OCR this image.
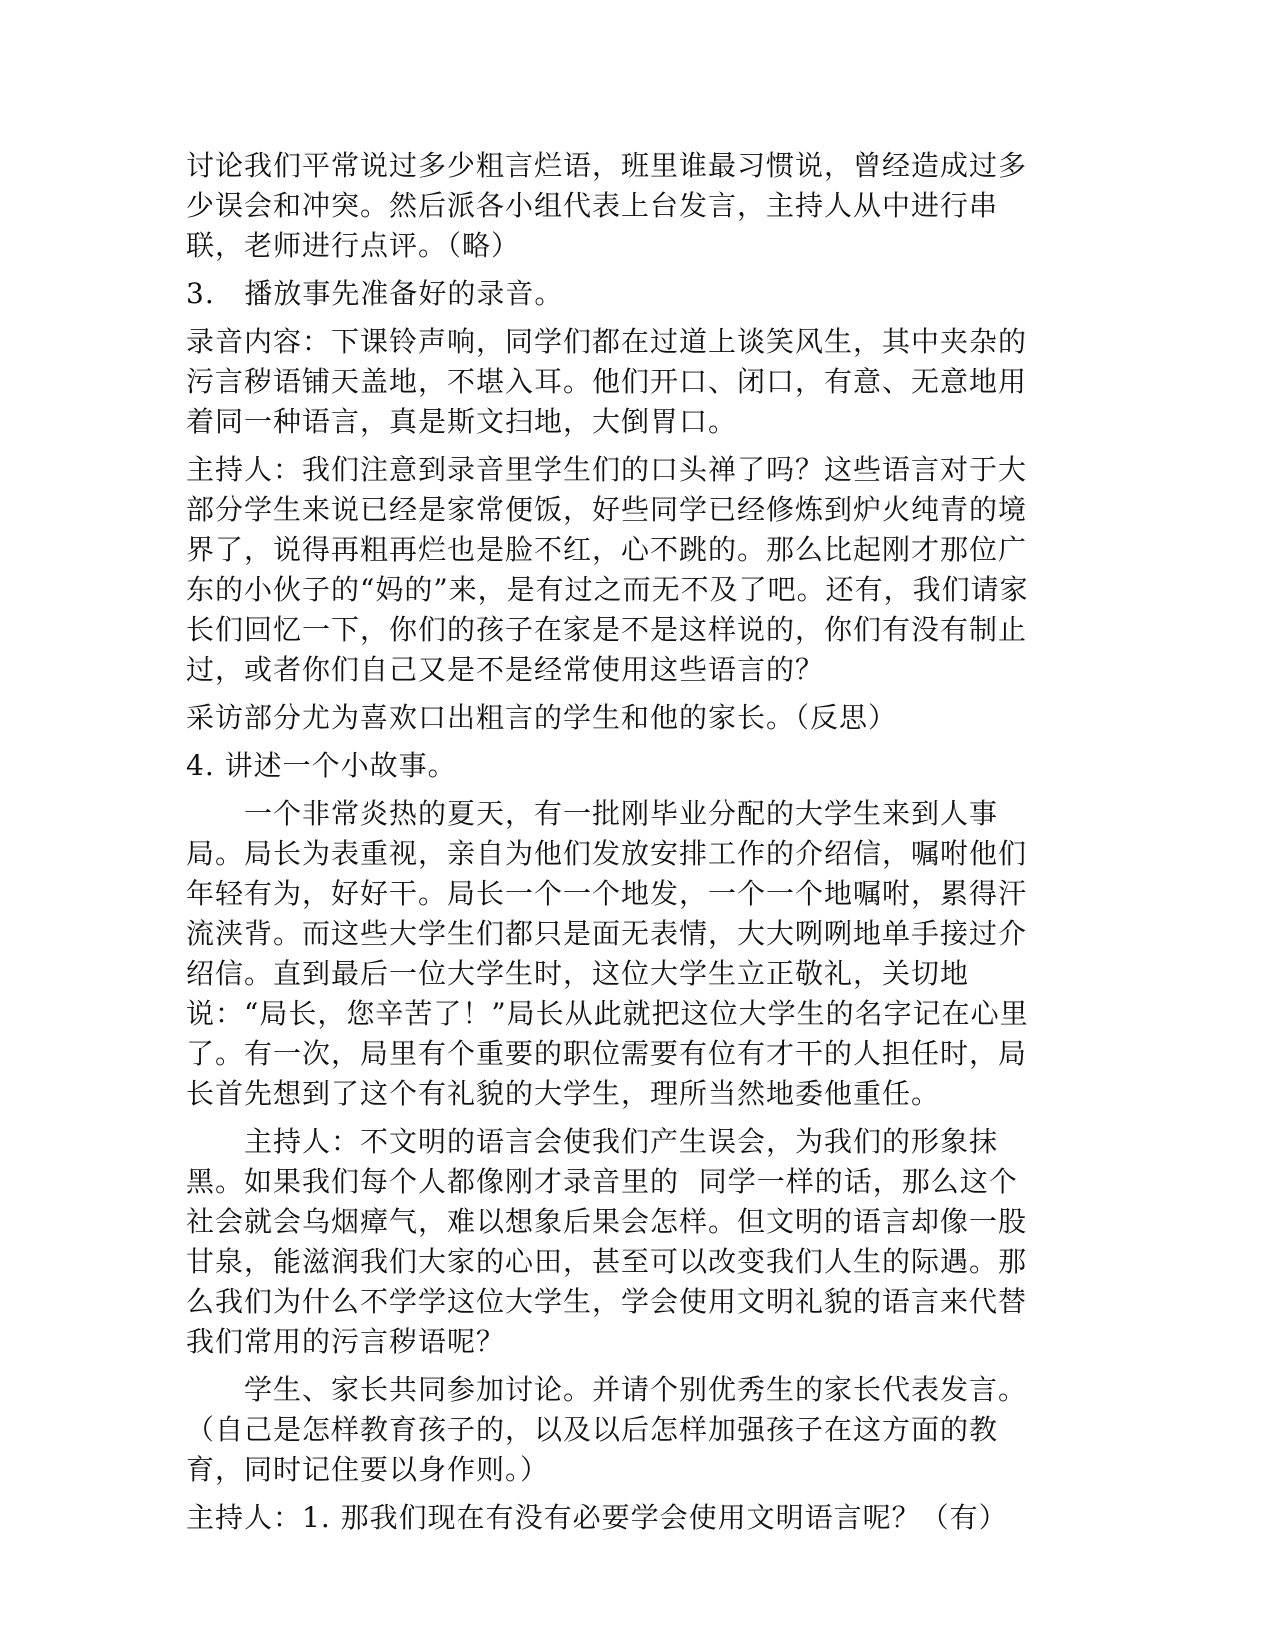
讨论我们平常说过多少粗言烂语，班里谁最习惯说，曾经造成过多少误会和冲突。然后派各小组代表上台发言，主持人从中进行串联，老师进行点评。（略）

3.   播放事先准备好的录音。

录音内容：下课铃声响，同学们都在过道上谈笑风生，其中夹杂的污言秽语铺天盖地，不堪入耳。他们开口、闭口，有意、无意地用着同一种语言，真是斯文扫地，大倒胃口。

主持人：我们注意到录音里学生们的口头禅了吗？这些语言对于大部分学生来说已经是家常便饭，好些同学已经修炼到炉火纯青的境界了，说得再粗再烂也是脸不红，心不跳的。那么比起刚才那位广东的小伙子的“妈的”来，是有过之而无不及了吧。还有，我们请家长们回忆一下，你们的孩子在家是不是这样说的，你们有没有制止过，或者你们自己又是不是经常使用这些语言的？

采访部分尤为喜欢口出粗言的学生和他的家长。（反思）

4. 讲述一个小故事。

一个非常炎热的夏天，有一批刚毕业分配的大学生来到人事局。局长为表重视，亲自为他们发放安排工作的介绍信，嘱咐他们年轻有为，好好干。局长一个一个地发，一个一个地嘱咐，累得汗流浃背。而这些大学生们都只是面无表情，大大咧咧地单手接过介绍信。直到最后一位大学生时，这位大学生立正敬礼，关切地说：“局长，您辛苦了！”局长从此就把这位大学生的名字记在心里了。有一次，局里有个重要的职位需要有位有才干的人担任时，局长首先想到了这个有礼貌的大学生，理所当然地委他重任。

主持人：不文明的语言会使我们产生误会，为我们的形象抹黑。如果我们每个人都像刚才录音里的  同学一样的话，那么这个社会就会乌烟瘴气，难以想象后果会怎样。但文明的语言却像一股甘泉，能滋润我们大家的心田，甚至可以改变我们人生的际遇。那么我们为什么不学学这位大学生，学会使用文明礼貌的语言来代替我们常用的污言秽语呢？

学生、家长共同参加讨论。并请个别优秀生的家长代表发言。（自己是怎样教育孩子的，以及以后怎样加强孩子在这方面的教育，同时记住要以身作则。）

主持人：1. 那我们现在有没有必要学会使用文明语言呢？（有）
